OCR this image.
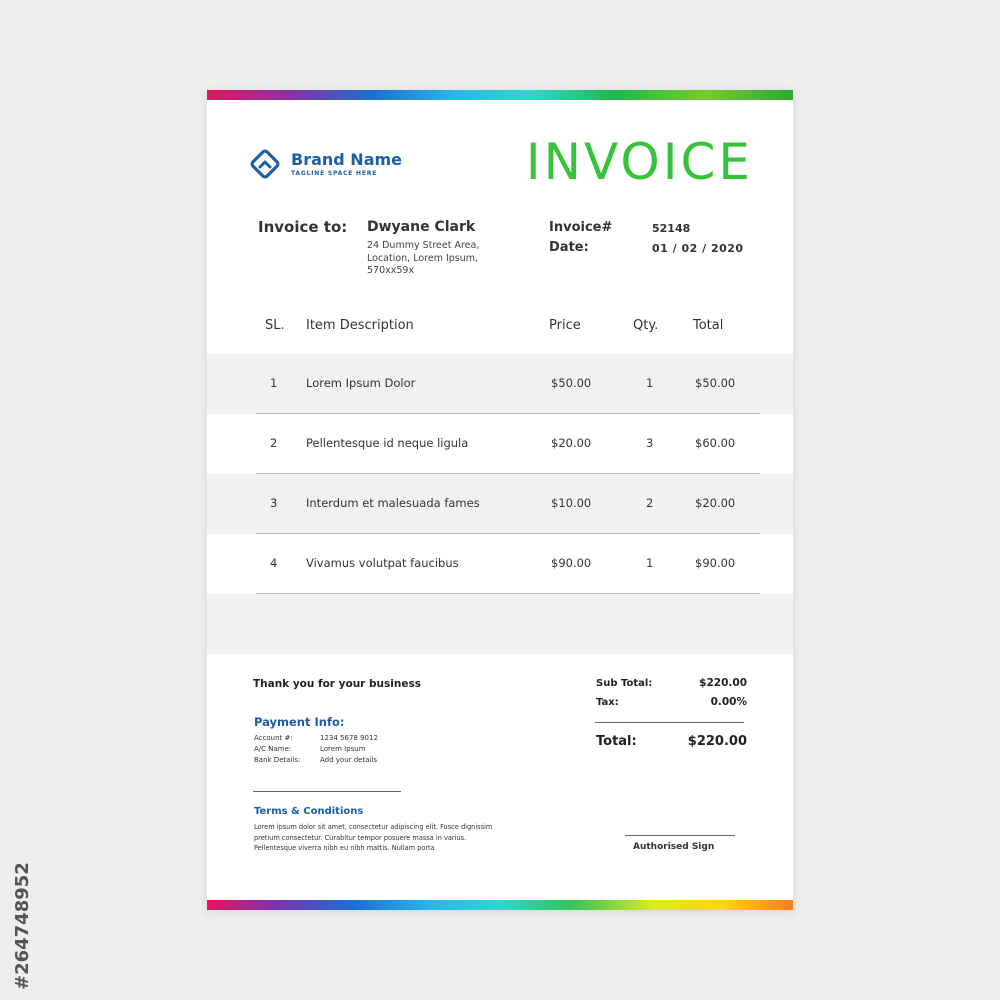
Brand Name
TAGLINE SPACE HERE	INVOICE
Invoice to: Dwyane Clark
24 Dummy Street Area,
Location, Lorem Ipsum,
570xx59x
Invoice#	52148
Date:	01 / 02 / 2020
SL. Item Description	Price	Qty.	Total
1 Lorem Ipsum Dolor	$50.00	1	$50.00
2 Pellentesque id neque ligula	$20.00	3	$60.00
3 Interdum et malesuada fames	$10.00	2	$20.00
4 Vivamus volutpat faucibus	$90.00	1	$90.00
Thank you for your business
Payment Info:
Account #:	1234 5678 9012
A/C Name:	Lorem Ipsum
Bank Details:	Add your details
Terms & Conditions
Lorem ipsum dolor sit amet, consectetur adipiscing elit. Fusce dignissim pretium consectetur. Curabitur tempor posuere massa in varius. Pellentesque viverra nibh eu nibh mattis. Nullam porta
Sub Total:	$220.00
Tax:	0.00%
Total:	$220.00
Authorised Sign
#264748952
